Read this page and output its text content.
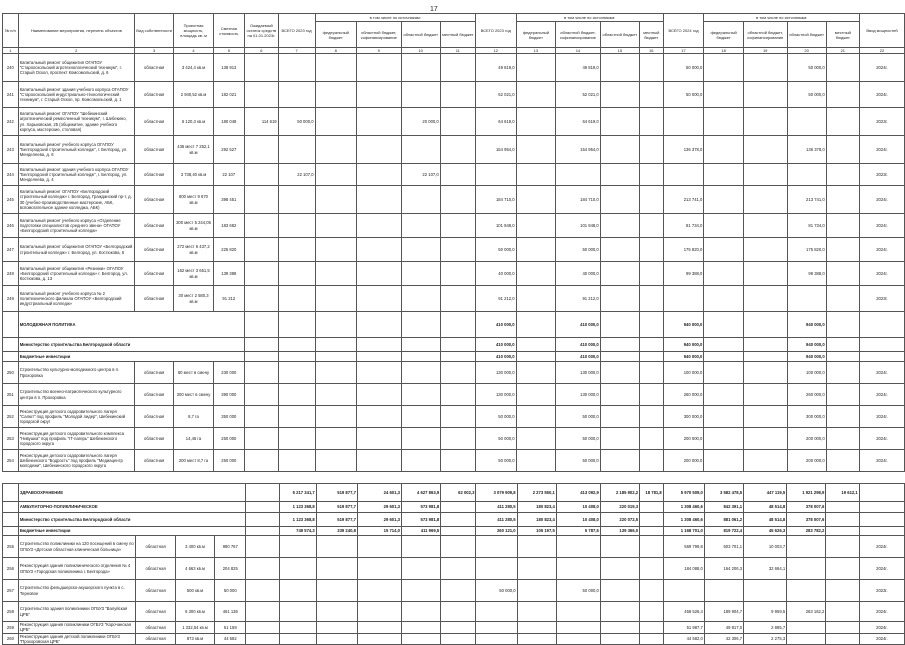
17
№ п/п	Наименование мероприятия, перечень объектов	Вид собственности	Проектная мощность, площадь кв. м	Сметная стоимость	Ожидаемый остаток средств на 01.01.2023г.	ВСЕГО 2023 год	в том числе по источникам:				ВСЕГО 2023 год	в том числе по источникам:				ВСЕГО 2024 год	в том числе по источникам:				Ввод мощностей
							федеральный бюджет	областной бюджет, софинансирование	областной бюджет	местный бюджет		федеральный бюджет	областной бюджет, софинансирование	областной бюджет	местный бюджет		федеральный бюджет	областной бюджет, софинансирование	областной бюджет	местный бюджет	
1	2	3	4	5	6	7	8	9	10	11	12	13	14	15	16	17	18	19	20	21	22
240	Капитальный ремонт общежития ОГАПОУ "Старооскольский агротехнологический техникум", г. Старый Оскол, проспект Комсомольский, д. 6	областная	3 424,4 кв.м	138 913							49 819,0		49 819,0			50 000,0			50 000,0		2024г.
241	Капитальный ремонт здания учебного корпуса ОГАПОУ "Старооскольский индустриально-технологический техникум", г. Старый Оскол, пр. Комсомольский, д. 1	областная	2 940,52 кв.м	182 021							52 021,0		52 021,0			50 000,0			50 000,0		2024г.
242	Капитальный ремонт ОГАПОУ "Шебекинский агротехнический ремесленный техникум", г. Шебекино, ул. Харьковская, 25 (общежитие, здание учебного корпуса, мастерские, столовая)	областная	6 120,3 кв.м	180 048	114 619	50 000,0			20 000,0		64 619,0		64 619,0								2023г.
243	Капитальный ремонт учебного корпуса ОГАПОУ "Белгородский строительный колледж", г. Белгород, ул. Менделеева, д. 6	областная	436 мест 7 252,1 кв.м	292 527							154 954,0		154 954,0			136 378,0			136 378,0		2024г.
244	Капитальный ремонт здания учебного корпуса ОГАПОУ "Белгородский строительный колледж", г. Белгород, ул. Менделеева, д. 4	областная	3 738,40 кв.м	22 107		22 107,0			22 107,0												2023г.
245	Капитальный ремонт ОГАПОУ «Белгородский строительный колледж» г. Белгород, Гражданский пр-т, д. 30 (учебно-производственные мастерские, АБК, вспомогательное здание колледжа, АБК)	областная	800 мест 9 670 кв.м	398 451							184 710,0		184 710,0			213 741,0			213 741,0		2024г.
246	Капитальный ремонт учебного корпуса «Отделение подготовки специалистов среднего звена» ОГАПОУ «Белгородский строительный колледж»	областная	300 мест 5 244,05 кв.м	183 682							101 948,0		101 948,0			81 734,0			81 734,0		2024г.
247	Капитальный ремонт общежития ОГАПОУ «Белгородский строительный колледж» г. Белгород, ул. Костюкова, 6	областная	272 мест 6 437,2 кв.м	225 820							50 000,0		50 000,0			175 820,0			175 820,0		2024г.
248	Капитальный ремонт общежития «Резинки» ОГАПОУ «Белгородский строительный колледж» г. Белгород, ул. Костюкова, д. 13	областная	162 мест 3 651,5 кв.м	139 388							40 000,0		40 000,0			99 388,0			99 388,0		2024г.
249	Капитальный ремонт учебного корпуса № 2 политехнического филиала ОГАПОУ «Белгородский индустриальный колледж»	областная	30 мест 2 580,3 кв.м	91 212							91 212,0		91 212,0								2023г.
	МОЛОДЕЖНАЯ ПОЛИТИКА										410 000,0		410 000,0			940 000,0			940 000,0		
	Министерство строительства Белгородской области										410 000,0		410 000,0			940 000,0			940 000,0		
	Бюджетные инвестиции										410 000,0		410 000,0			940 000,0			940 000,0		
250	Строительство культурно-молодежного центра в п. Прохоровка	областная	60 мест в смену	230 000							130 000,0		130 000,0			100 000,0			100 000,0		2024г.
251	Строительство военно-патриотического культурного центра в п. Прохоровка	областная	300 мест в смену	390 000							130 000,0		130 000,0			260 000,0			260 000,0		2024г.
252	Реконструкция детского оздоровительного лагеря "Салют" под профиль "Молодой лидер", Шебекинский городской округ	областная	8,7 га	350 000							50 000,0		50 000,0			300 000,0			300 000,0		2024г.
253	Реконструкция детского оздоровительного комплекса "Нивушка" под профиль "IT-лагерь" Шебекинского городского округа	областная	14,46 га	250 000							50 000,0		50 000,0			200 000,0			200 000,0		2024г.
254	Реконструкция детского оздоровительного лагеря Шебекинского "Бодрость" под профиль "Медиацентр молодежи", Шебекинского городского округа	областная	200 мест 8,7 га	250 000							50 000,0		50 000,0			200 000,0			200 000,0		2024г.
	ЗДРАВООХРАНЕНИЕ					5 217 341,7	519 877,7	24 601,3	4 627 863,9	62 002,3	3 079 909,8	2 273 550,1	413 092,9	2 185 902,2	18 781,8	5 970 509,0	3 582 478,5	447 119,5	1 921 298,9	19 612,1	
	АМБУЛАТОРНО-ПОЛИКЛИНИЧЕСКОЕ					1 123 368,8	519 877,7	29 601,3	573 981,8		411 280,5	180 823,4	10 408,0	220 019,3		1 308 460,6	842 391,1	48 514,8	378 007,6		
	Министерство строительства Белгородской области					1 123 368,8	519 877,7	29 601,3	573 981,8		411 280,5	180 823,4	10 408,0	220 072,5		1 308 460,6	881 061,2	48 514,8	378 007,6		
	Бюджетные инвестиции					749 574,3	339 240,8	15 714,0	411 969,5		260 121,0	105 197,5	5 787,5	139 366,0		1 168 701,0	819 722,4	45 626,3	283 782,2		
255	Строительство поликлиники на 120 посещений в смену по ОГБУЗ «Детская областная клиническая больница»	областная	3 400 кв.м	980 767												569 799,8	503 701,1	10 003,7			2024г.
256	Реконструкция здания поликлинического отделения № 4 ОГБУЗ «Городская поликлиника г. Белгорода»	областная	4 663 кв.м	204 825												184 088,0	164 206,3	32 664,1			2024г.
257	Строительство фельдшерско-акушерского пункта в с. Терновое	областная	500 кв.м	50 000							50 000,0		50 000,0								2023г.
258	Строительство здания поликлиники ОГБУЗ "Валуйская ЦРБ"	областная	6 300 кв.м	461 136												458 526,4	189 904,7	9 959,5	263 162,2		2024г.
259	Реконструкция здания поликлиники ОГБУЗ "Корочанская ЦРБ"	областная	1 332,54 кв.м	51 159												51 987,7	49 817,0	2 885,7			2024г.
260	Реконструкция здания детской поликлиники ОГБУЗ "Прохоровская ЦРБ"	областная	873 кв.м	44 582												44 582,0	42 306,7	2 275,3			2024г.
